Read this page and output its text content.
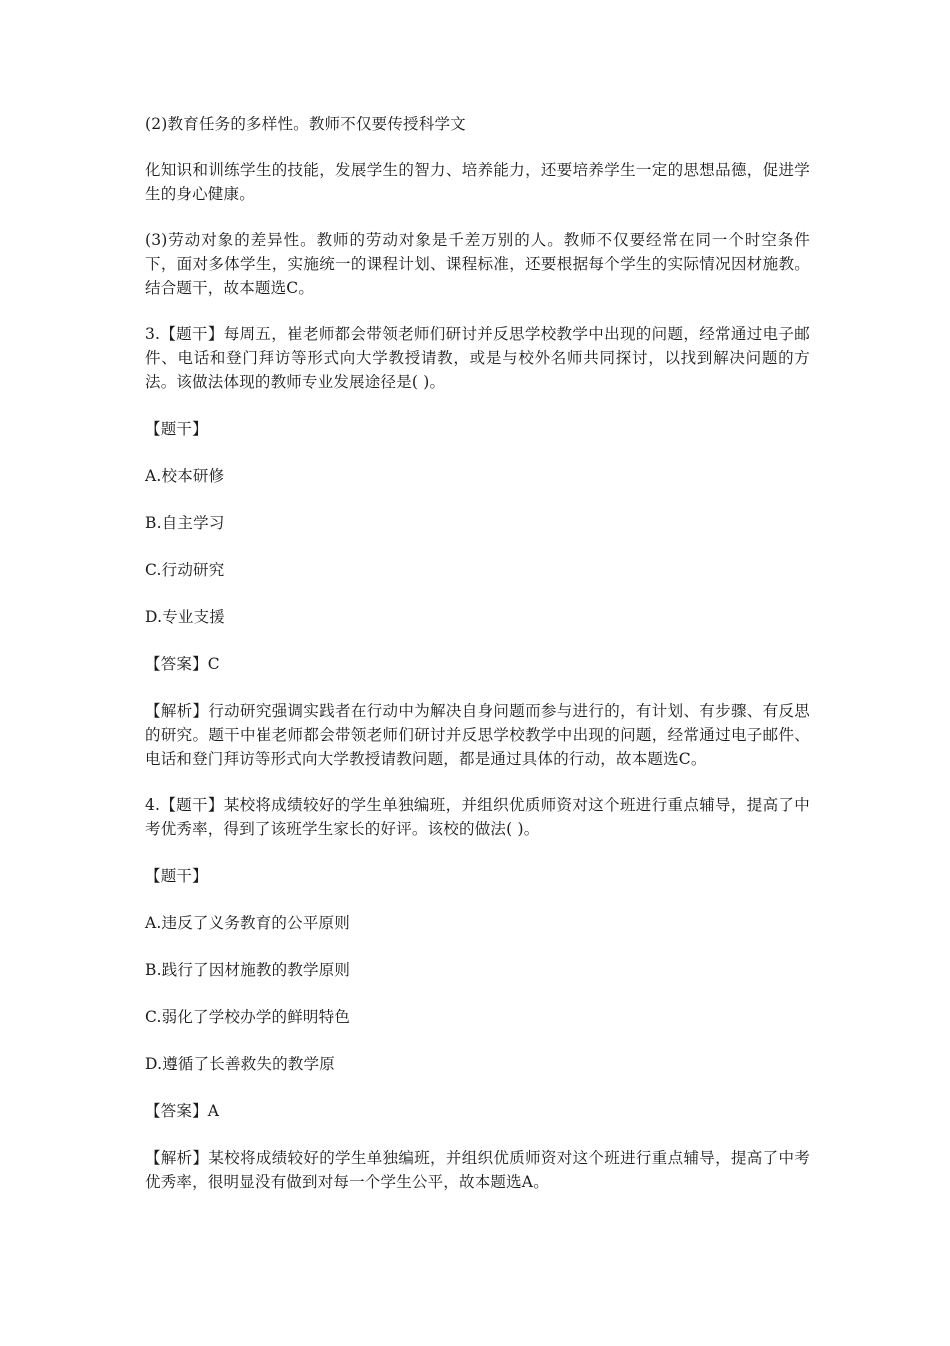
(2)教育任务的多样性。教师不仅要传授科学文

化知识和训练学生的技能，发展学生的智力、培养能力，还要培养学生一定的思想品德，促进学生的身心健康。

(3)劳动对象的差异性。教师的劳动对象是千差万别的人。教师不仅要经常在同一个时空条件下，面对多体学生，实施统一的课程计划、课程标准，还要根据每个学生的实际情况因材施教。结合题干，故本题选C。

3.【题干】每周五，崔老师都会带领老师们研讨并反思学校教学中出现的问题，经常通过电子邮件、电话和登门拜访等形式向大学教授请教，或是与校外名师共同探讨，以找到解决问题的方法。该做法体现的教师专业发展途径是( )。

【题干】

A.校本研修

B.自主学习

C.行动研究

D.专业支援

【答案】C

【解析】行动研究强调实践者在行动中为解决自身问题而参与进行的，有计划、有步骤、有反思的研究。题干中崔老师都会带领老师们研讨并反思学校教学中出现的问题，经常通过电子邮件、电话和登门拜访等形式向大学教授请教问题，都是通过具体的行动，故本题选C。

4.【题干】某校将成绩较好的学生单独编班，并组织优质师资对这个班进行重点辅导，提高了中考优秀率，得到了该班学生家长的好评。该校的做法( )。

【题干】

A.违反了义务教育的公平原则

B.践行了因材施教的教学原则

C.弱化了学校办学的鲜明特色

D.遵循了长善救失的教学原

【答案】A

【解析】某校将成绩较好的学生单独编班，并组织优质师资对这个班进行重点辅导，提高了中考优秀率，很明显没有做到对每一个学生公平，故本题选A。
